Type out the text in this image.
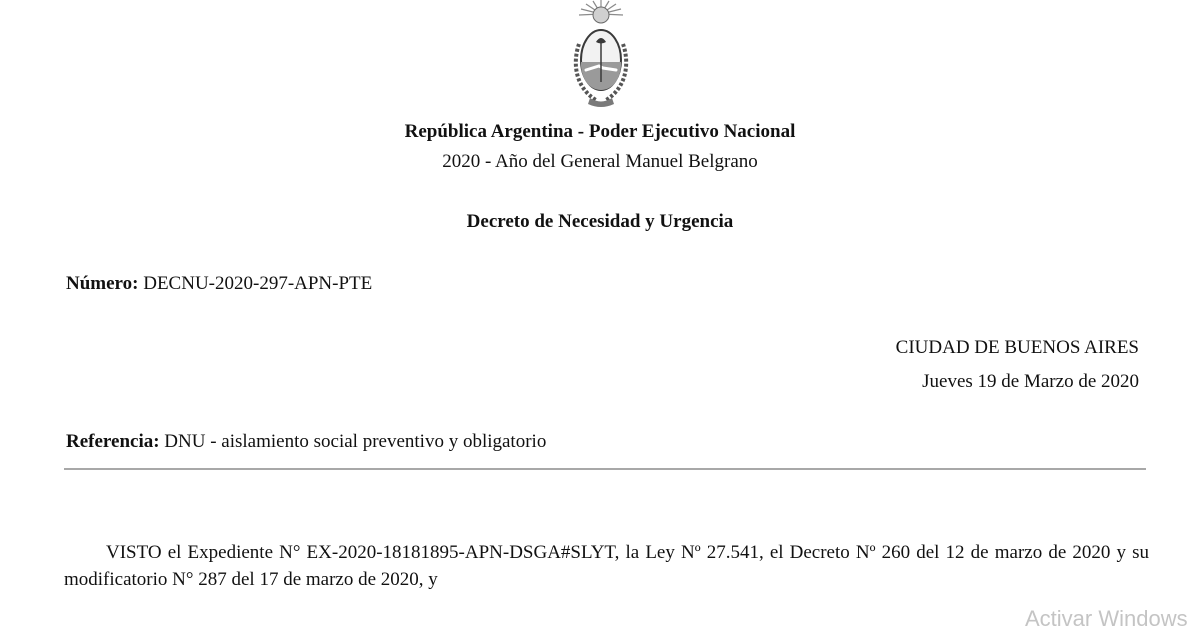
República Argentina - Poder Ejecutivo Nacional
2020 - Año del General Manuel Belgrano
Decreto de Necesidad y Urgencia
Número: DECNU-2020-297-APN-PTE
CIUDAD DE BUENOS AIRES
Jueves 19 de Marzo de 2020
Referencia: DNU - aislamiento social preventivo y obligatorio
VISTO el Expediente N° EX-2020-18181895-APN-DSGA#SLYT, la Ley Nº 27.541, el Decreto Nº 260 del 12 de marzo de 2020 y su modificatorio N° 287 del 17 de marzo de 2020, y
Activar Windows
